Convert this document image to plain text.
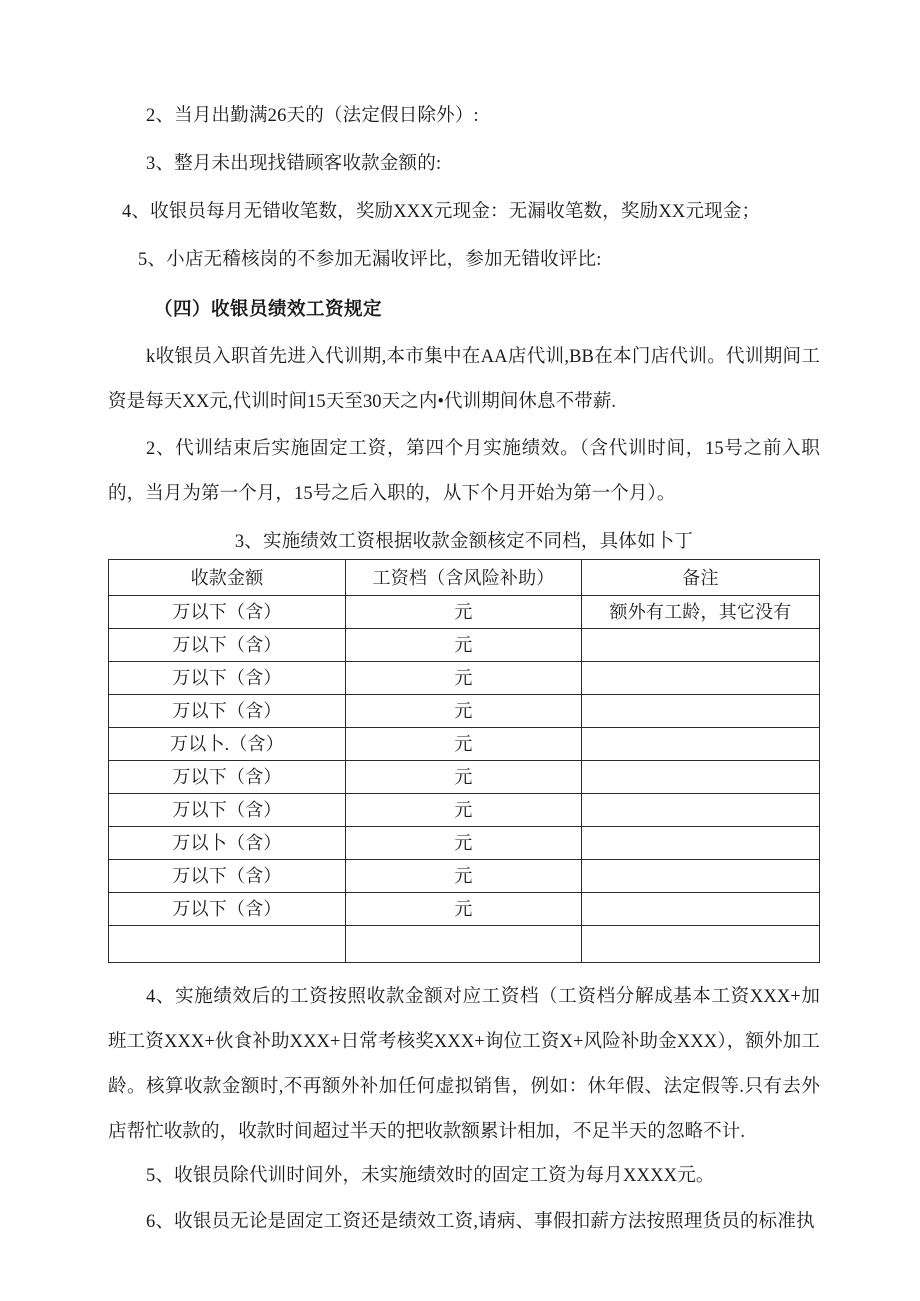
2、当月出勤满26天的（法定假日除外）:

3、整月未出现找错顾客收款金额的:

4、收银员每月无错收笔数，奖励XXX元现金：无漏收笔数，奖励XX元现金；

5、小店无稽核岗的不参加无漏收评比，参加无错收评比:

（四）收银员绩效工资规定

k收银员入职首先进入代训期,本市集中在AA店代训,BB在本门店代训。代训期间工资是每天XX元,代训时间15天至30天之内•代训期间休息不带薪.

2、代训结束后实施固定工资，第四个月实施绩效。（含代训时间，15号之前入职的，当月为第一个月，15号之后入职的，从下个月开始为第一个月）。

3、实施绩效工资根据收款金额核定不同档，具体如卜丁

收款金额	工资档（含风险补助）	备注
万以下（含）	元	额外有工龄，其它没有
万以下（含）	元	
万以下（含）	元	
万以下（含）	元	
万以卜.（含）	元	
万以下（含）	元	
万以下（含）	元	
万以卜（含）	元	
万以下（含）	元	
万以下（含）	元	

4、实施绩效后的工资按照收款金额对应工资档（工资档分解成基本工资XXX+加班工资XXX+伙食补助XXX+日常考核奖XXX+询位工资X+风险补助金XXX），额外加工龄。核算收款金额时,不再额外补加任何虚拟销售，例如：休年假、法定假等.只有去外店帮忙收款的，收款时间超过半天的把收款额累计相加，不足半天的忽略不计.

5、收银员除代训时间外，未实施绩效时的固定工资为每月XXXX元。

6、收银员无论是固定工资还是绩效工资,请病、事假扣薪方法按照理货员的标准执
